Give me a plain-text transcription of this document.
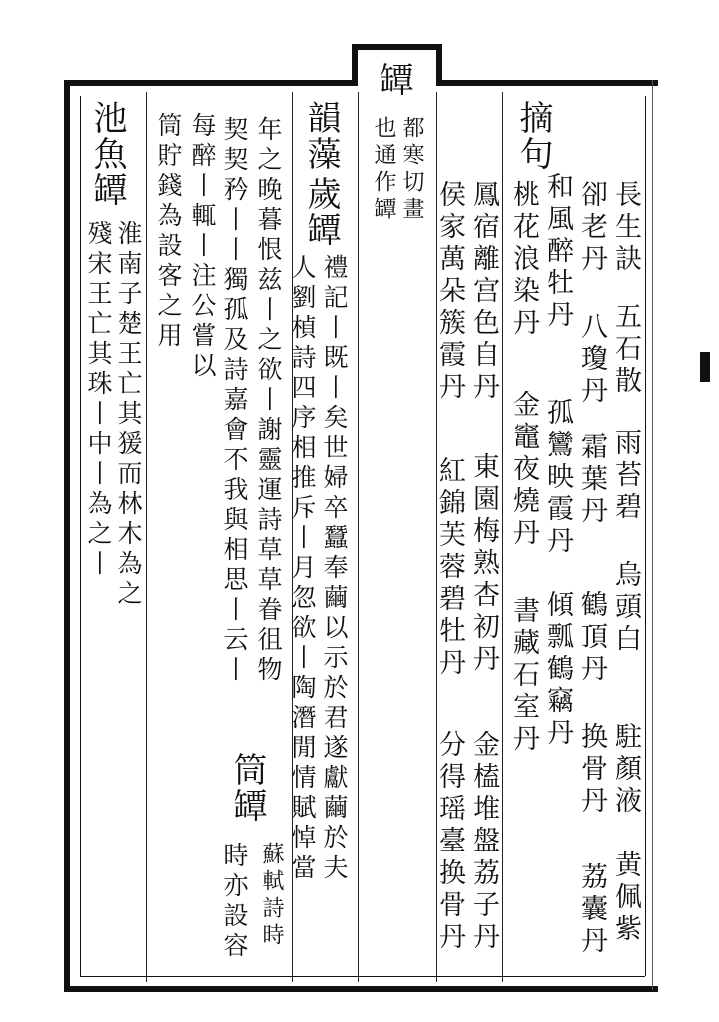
罈
都寒切畫
也通作罈	摘句
長生訣
五石散
雨苔碧
烏頭白
駐顏液
黄佩紫
卻老丹
八瓊丹
霜葉丹
鶴頂丹
换骨丹
荔囊丹
和風醉牡丹
孤鸞映霞丹
傾瓢鶴竊丹
桃花浪染丹
金竈夜燒丹
書藏石室丹
鳳宿離宫色自丹
東園梅熟杏初丹
金榼堆盤荔子丹
侯家萬朵簇霞丹
紅錦芙蓉碧牡丹
分得瑶臺换骨丹
韻藻
歲罈
禮記丨既丨矣世婦卒蠶奉繭以示於君遂獻繭於夫
人劉楨詩四序相推斥丨月忽欲丨陶潛閒情賦悼當
年之晚暮恨兹丨之欲丨謝靈運詩草草眷徂物
契契矜丨丨獨孤及詩嘉會不我與相思丨云丨
筒罈
蘇軾詩時
時亦設容
每醉丨輒丨注公嘗以
筒貯錢為設客之用
池魚罈
淮南子楚王亡其猨而林木為之
殘宋王亡其珠丨中丨為之丨
